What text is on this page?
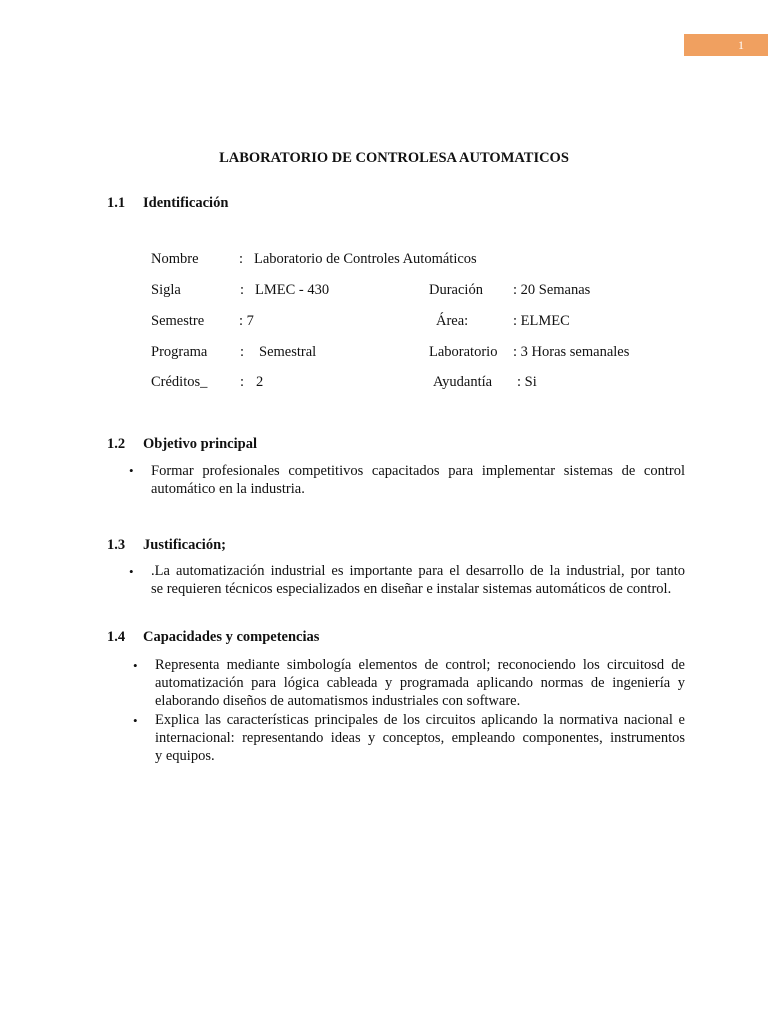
1
LABORATORIO DE CONTROLESA AUTOMATICOS
1.1 Identificación
Nombre	: Laboratorio de Controles Automáticos
Sigla	: LMEC - 430	Duración : 20 Semanas
Semestre : 7	Área:	: ELMEC
Programa : Semestral	Laboratorio : 3 Horas semanales
Créditos_ : 2	Ayudantía : Si
1.2 Objetivo principal
• Formar profesionales competitivos capacitados para implementar sistemas de control
automático en la industria.
1.3 Justificación;
• .La automatización industrial es importante para el desarrollo de la industrial, por tanto
se requieren técnicos especializados en diseñar e instalar sistemas automáticos de control.
1.4 Capacidades y competencias
• Representa mediante simbología elementos de control; reconociendo los circuitosd de
automatización para lógica cableada y programada aplicando normas de ingeniería y
elaborando diseños de automatismos industriales con software.
• Explica las características principales de los circuitos aplicando la normativa nacional e
internacional: representando ideas y conceptos, empleando componentes, instrumentos
y equipos.
